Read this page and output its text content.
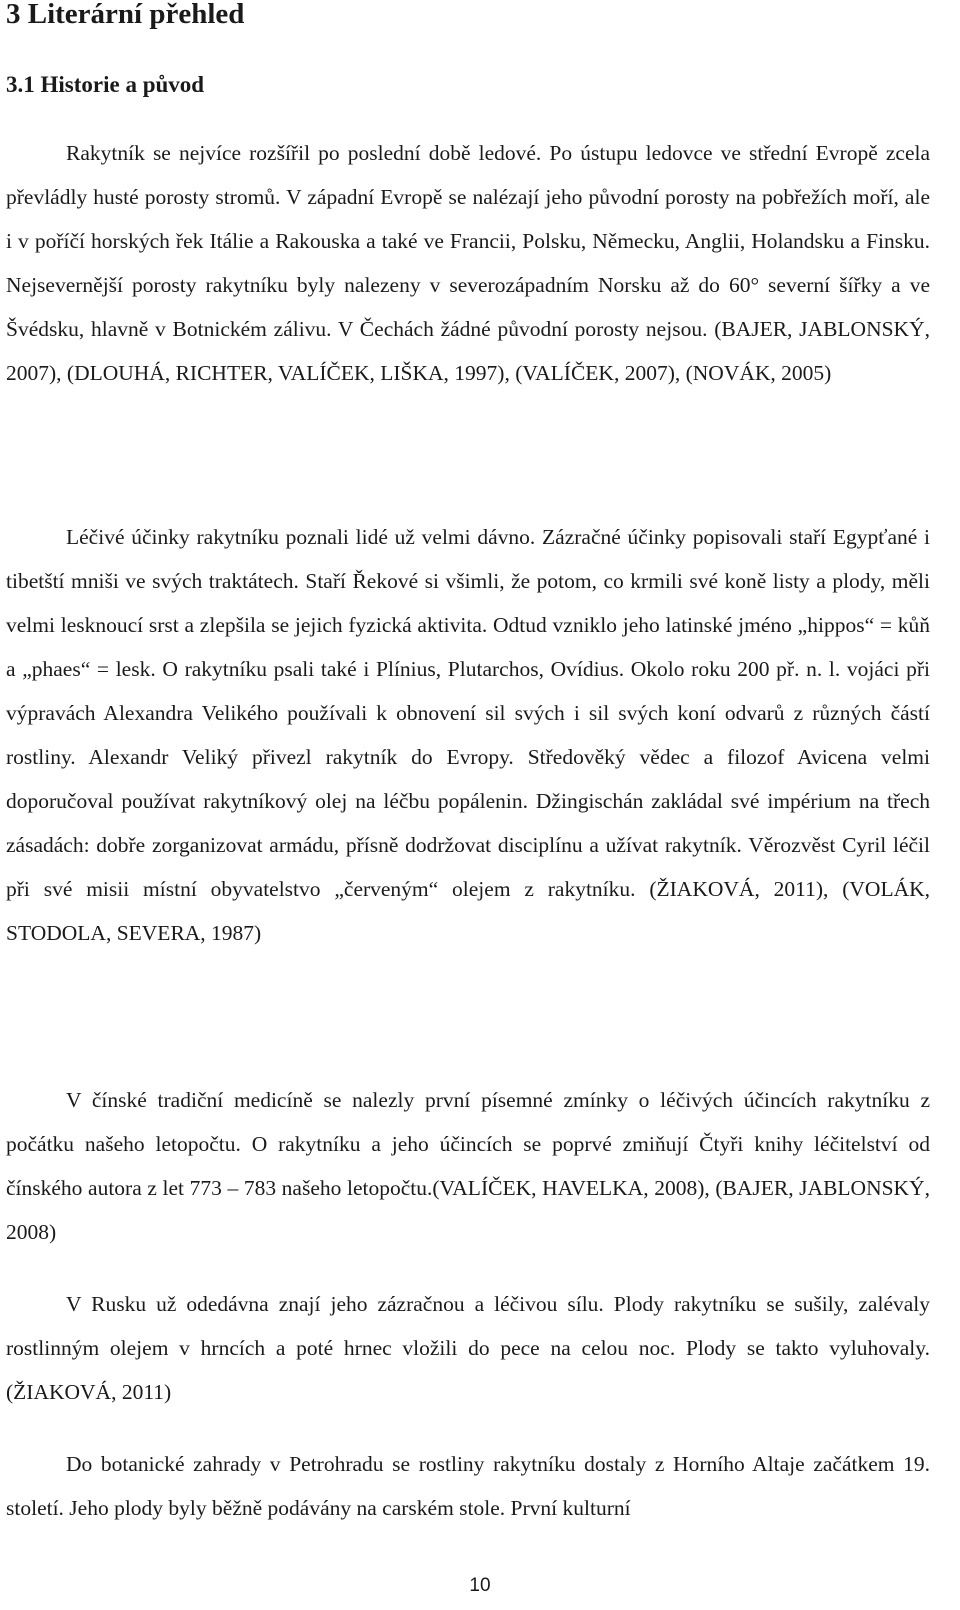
3 Literární přehled
3.1 Historie a původ

Rakytník se nejvíce rozšířil po poslední době ledové. Po ústupu ledovce ve střední Evropě zcela převládly husté porosty stromů. V západní Evropě se nalézají jeho původní porosty na pobřežích moří, ale i v poříčí horských řek Itálie a Rakouska a také ve Francii, Polsku, Německu, Anglii, Holandsku a Finsku. Nejsevernější porosty rakytníku byly nalezeny v severozápadním Norsku až do 60° severní šířky a ve Švédsku, hlavně v Botnickém zálivu. V Čechách žádné původní porosty nejsou. (BAJER, JABLONSKÝ, 2007), (DLOUHÁ, RICHTER, VALÍČEK, LIŠKA, 1997), (VALÍČEK, 2007), (NOVÁK, 2005)

Léčivé účinky rakytníku poznali lidé už velmi dávno. Zázračné účinky popisovali staří Egypťané i tibetští mniši ve svých traktátech. Staří Řekové si všimli, že potom, co krmili své koně listy a plody, měli velmi lesknoucí srst a zlepšila se jejich fyzická aktivita. Odtud vzniklo jeho latinské jméno „hippos“ = kůň a „phaes“ = lesk. O rakytníku psali také i Plínius, Plutarchos, Ovídius. Okolo roku 200 př. n. l. vojáci při výpravách Alexandra Velikého používali k obnovení sil svých i sil svých koní odvarů z různých částí rostliny. Alexandr Veliký přivezl rakytník do Evropy. Středověký vědec a filozof Avicena velmi doporučoval používat rakytníkový olej na léčbu popálenin. Džingischán zakládal své impérium na třech zásadách: dobře zorganizovat armádu, přísně dodržovat disciplínu a užívat rakytník. Věrozvěst Cyril léčil při své misii místní obyvatelstvo „červeným“ olejem z rakytníku. (ŽIAKOVÁ, 2011), (VOLÁK, STODOLA, SEVERA, 1987)

V čínské tradiční medicíně se nalezly první písemné zmínky o léčivých účincích rakytníku z počátku našeho letopočtu. O rakytníku a jeho účincích se poprvé zmiňují Čtyři knihy léčitelství od čínského autora z let 773 – 783 našeho letopočtu.(VALÍČEK, HAVELKA, 2008), (BAJER, JABLONSKÝ, 2008)

V Rusku už odedávna znají jeho zázračnou a léčivou sílu. Plody rakytníku se sušily, zalévaly rostlinným olejem v hrncích a poté hrnec vložili do pece na celou noc. Plody se takto vyluhovaly. (ŽIAKOVÁ, 2011)

Do botanické zahrady v Petrohradu se rostliny rakytníku dostaly z Horního Altaje začátkem 19. století. Jeho plody byly běžně podávány na carském stole. První kulturní

10
